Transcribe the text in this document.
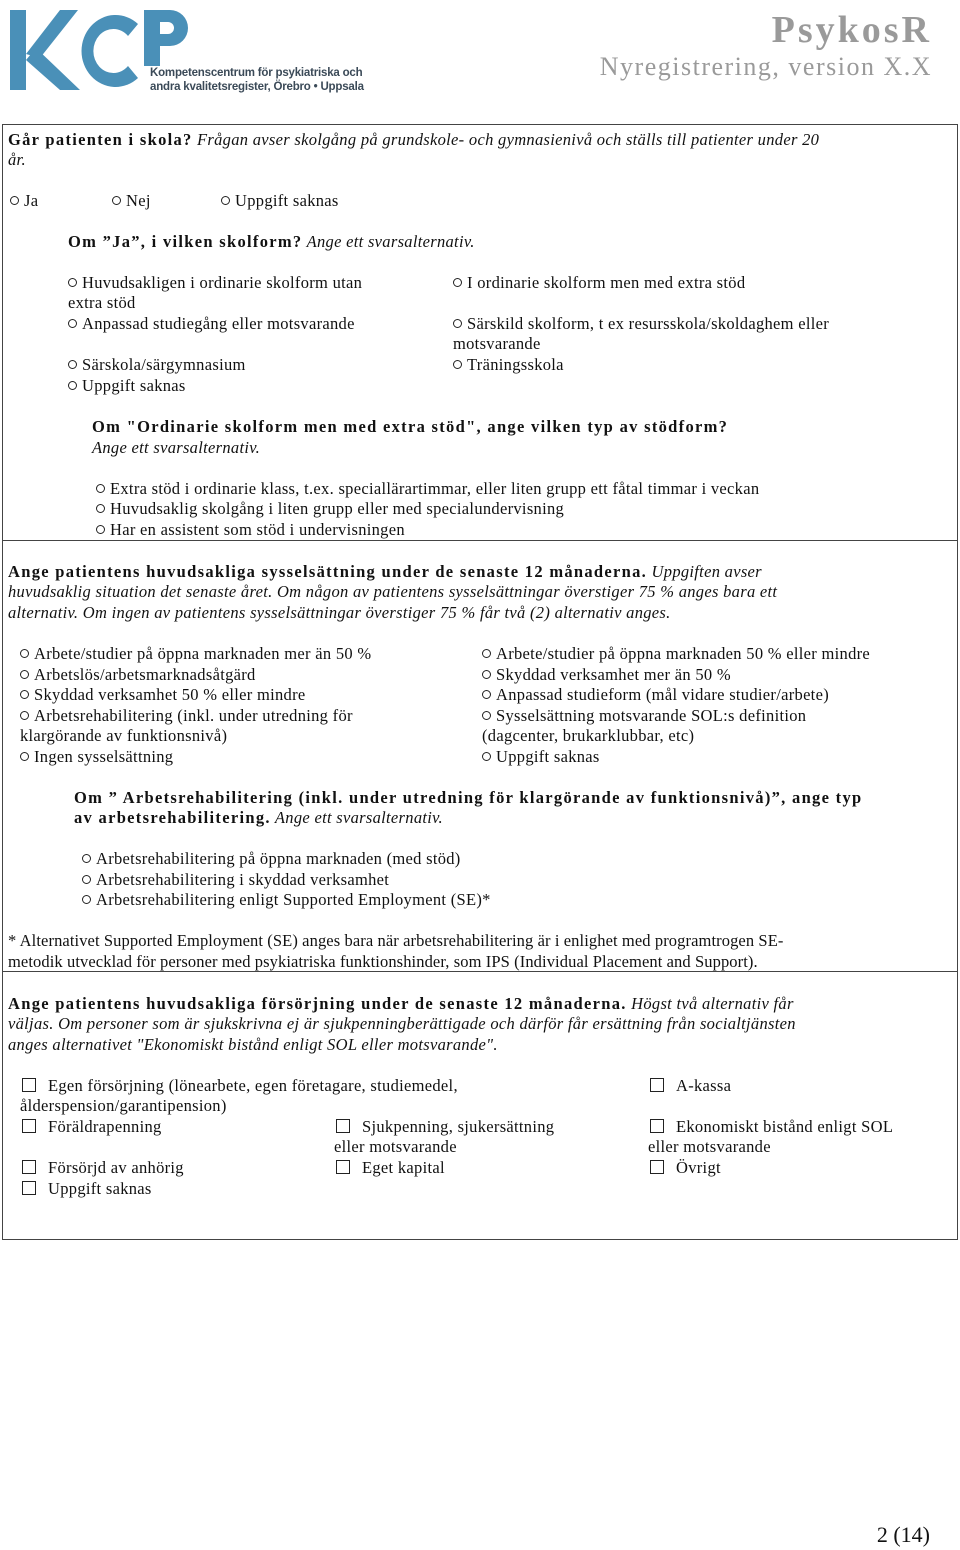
Kompetenscentrum för psykiatriska och
andra kvalitetsregister, Örebro • Uppsala
PsykosR
Nyregistrering, version X.X
Går patienten i skola? Frågan avser skolgång på grundskole- och gymnasienivå och ställs till patienter under 20
år.
Ja	Nej	Uppgift saknas
Om ”Ja”, i vilken skolform? Ange ett svarsalternativ.
Huvudsakligen i ordinarie skolform utan
extra stöd
Anpassad studiegång eller motsvarande
Särskola/särgymnasium
Uppgift saknas
I ordinarie skolform men med extra stöd
Särskild skolform, t ex resursskola/skoldaghem eller
motsvarande
Träningsskola
Om "Ordinarie skolform men med extra stöd", ange vilken typ av stödform?
Ange ett svarsalternativ.
Extra stöd i ordinarie klass, t.ex. speciallärartimmar, eller liten grupp ett fåtal timmar i veckan
Huvudsaklig skolgång i liten grupp eller med specialundervisning
Har en assistent som stöd i undervisningen
Ange patientens huvudsakliga sysselsättning under de senaste 12 månaderna. Uppgiften avser
huvudsaklig situation det senaste året. Om någon av patientens sysselsättningar överstiger 75 % anges bara ett
alternativ. Om ingen av patientens sysselsättningar överstiger 75 % får två (2) alternativ anges.
Arbete/studier på öppna marknaden mer än 50 %
Arbetslös/arbetsmarknadsåtgärd
Skyddad verksamhet 50 % eller mindre
Arbetsrehabilitering (inkl. under utredning för
klargörande av funktionsnivå)
Ingen sysselsättning
Arbete/studier på öppna marknaden 50 % eller mindre
Skyddad verksamhet mer än 50 %
Anpassad studieform (mål vidare studier/arbete)
Sysselsättning motsvarande SOL:s definition
(dagcenter, brukarklubbar, etc)
Uppgift saknas
Om ” Arbetsrehabilitering (inkl. under utredning för klargörande av funktionsnivå)”, ange typ
av arbetsrehabilitering. Ange ett svarsalternativ.
Arbetsrehabilitering på öppna marknaden (med stöd)
Arbetsrehabilitering i skyddad verksamhet
Arbetsrehabilitering enligt Supported Employment (SE)*
* Alternativet Supported Employment (SE) anges bara när arbetsrehabilitering är i enlighet med programtrogen SE-
metodik utvecklad för personer med psykiatriska funktionshinder, som IPS (Individual Placement and Support).
Ange patientens huvudsakliga försörjning under de senaste 12 månaderna. Högst två alternativ får
väljas. Om personer som är sjukskrivna ej är sjukpenningberättigade och därför får ersättning från socialtjänsten
anges alternativet "Ekonomiskt bistånd enligt SOL eller motsvarande".
Egen försörjning (lönearbete, egen företagare, studiemedel,
ålderspension/garantipension)
Föräldrapenning
Försörjd av anhörig
Uppgift saknas
Sjukpenning, sjukersättning
eller motsvarande
Eget kapital
A-kassa
Ekonomiskt bistånd enligt SOL
eller motsvarande
Övrigt
2 (14)
